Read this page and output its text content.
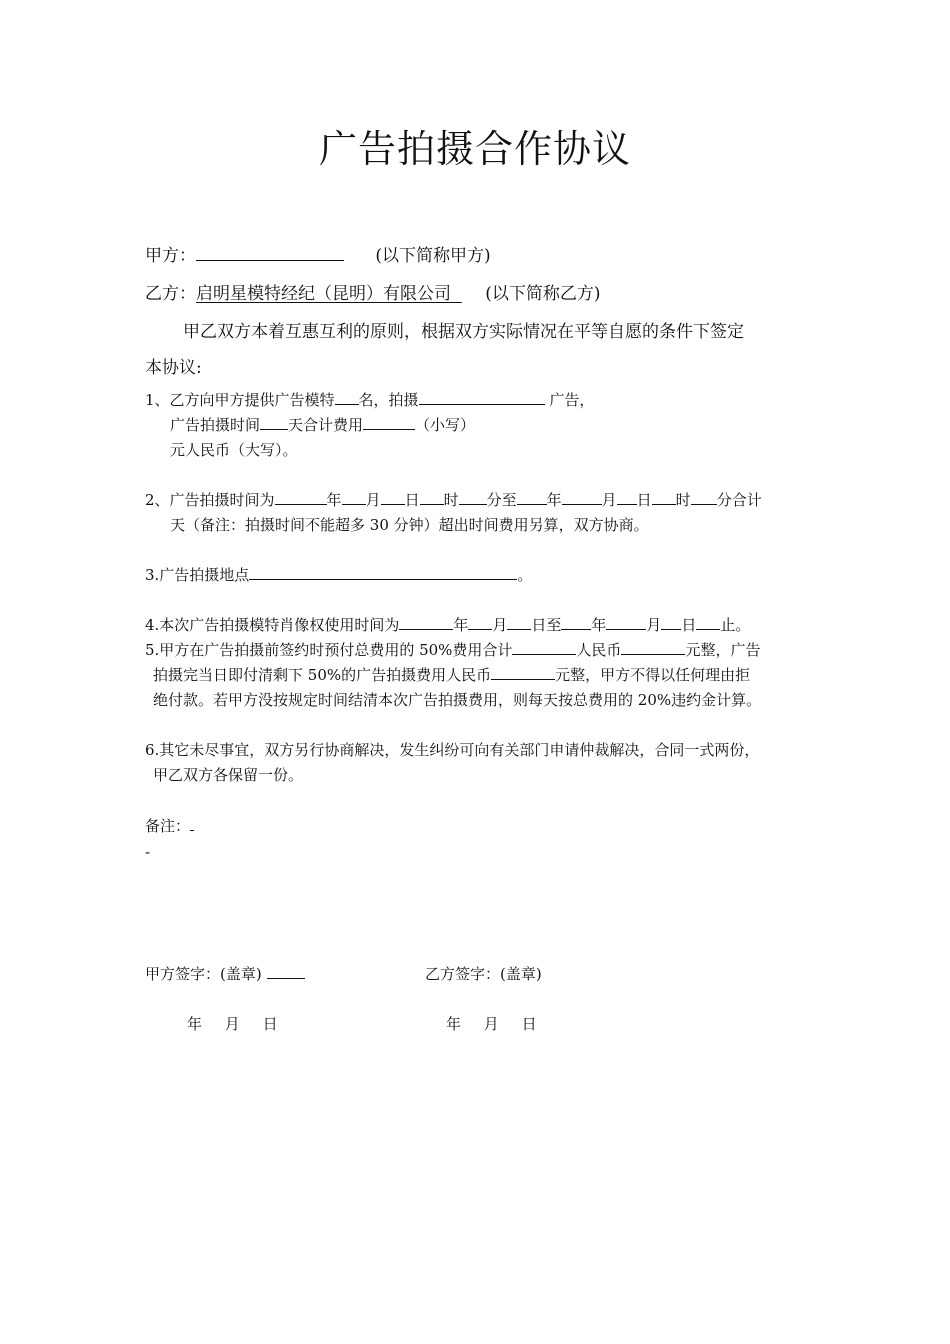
广告拍摄合作协议
甲方：	(以下简称甲方)
乙方：启明星模特经纪（昆明）有限公司 (以下简称乙方)
甲乙双方本着互惠互利的原则，根据双方实际情况在平等自愿的条件下签定
本协议:
1、乙方向甲方提供广告模特 名，拍摄	广告，
广告拍摄时间 天合计费用	（小写）
元人民币（大写）。
2、广告拍摄时间为	年 月 日 时 分至 年	月 日 时 分合计
天（备注：拍摄时间不能超多 30 分钟）超出时间费用另算，双方协商。
3.广告拍摄地点	。
4.本次广告拍摄模特肖像权使用时间为	年 月 日至 年	月 日 止。
5.甲方在广告拍摄前签约时预付总费用的 50%费用合计	人民币	元整，广告
拍摄完当日即付清剩下 50%的广告拍摄费用人民币	元整，甲方不得以任何理由拒
绝付款。若甲方没按规定时间结清本次广告拍摄费用，则每天按总费用的 20%违约金计算。
6.其它未尽事宜，双方另行协商解决，发生纠纷可向有关部门申请仲裁解决，合同一式两份，
甲乙双方各保留一份。
备注：
-
甲方签字：(盖章)	乙方签字：(盖章)
年 月 日	年 月 日
